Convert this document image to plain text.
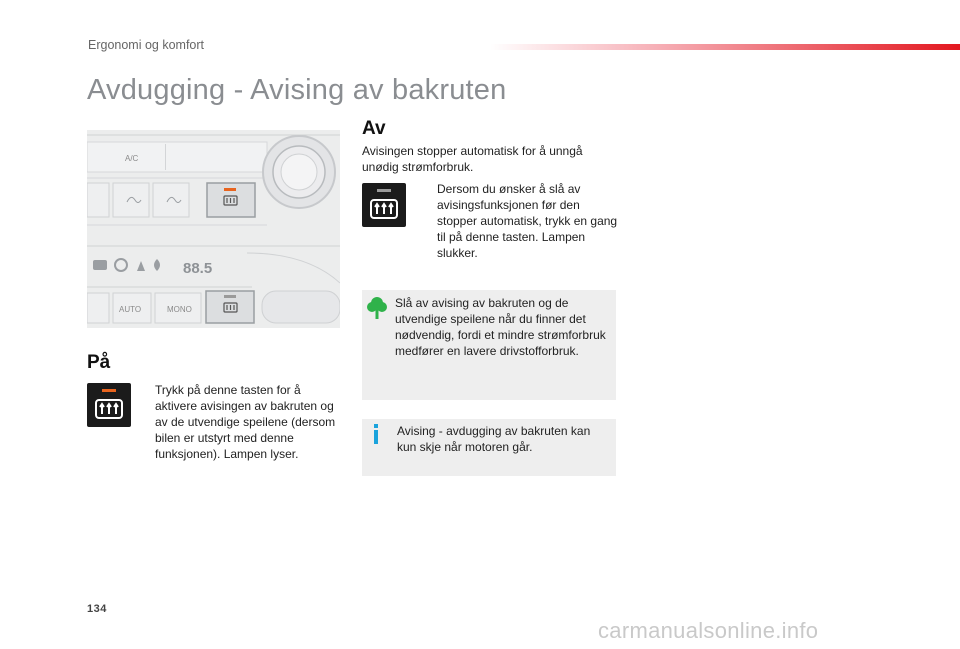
Ergonomi og komfort
Avdugging - Avising av bakruten
A/C
88.5
AUTO	MONO
På
Trykk på denne tasten for å aktivere avisingen av bakruten og av de utvendige speilene (dersom bilen er utstyrt med denne funksjonen). Lampen lyser.
Av
Avisingen stopper automatisk for å unngå unødig strømforbruk.
Dersom du ønsker å slå av avisingsfunksjonen før den stopper automatisk, trykk en gang til på denne tasten. Lampen slukker.
Slå av avising av bakruten og de utvendige speilene når du finner det nødvendig, fordi et mindre strømforbruk medfører en lavere drivstofforbruk.
Avising - avdugging av bakruten kan kun skje når motoren går.
134
carmanualsonline.info
